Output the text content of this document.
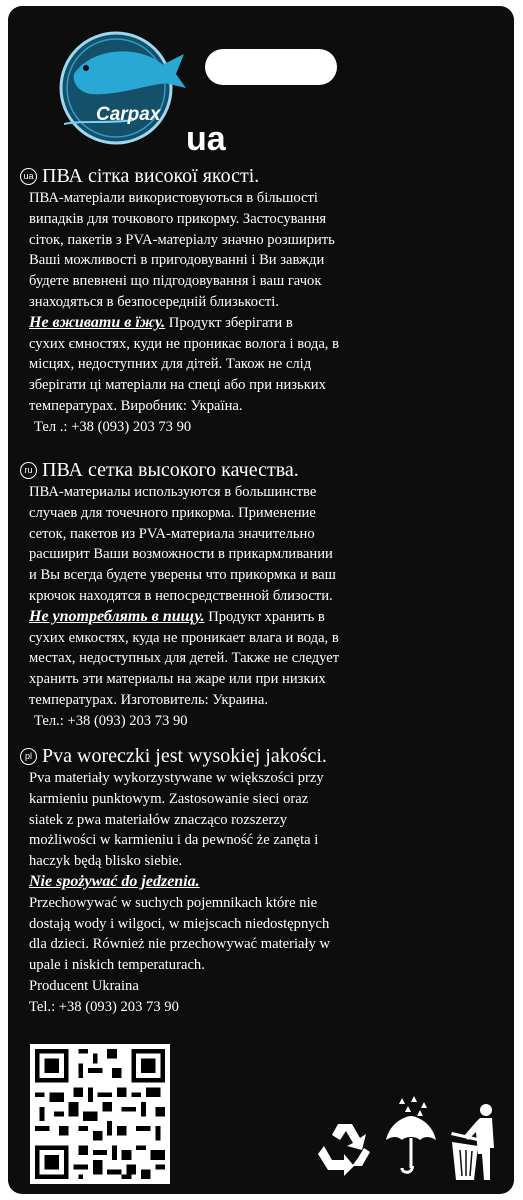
Carpax
ua
ua ПВА сітка високої якості.

ПВА-матеріали використовуються в більшості
випадків для точкового прикорму. Застосування
сіток, пакетів з PVA-матеріалу значно розширить
Ваші можливості в пригодовуванні і Ви завжди
будете впевнені що підгодовування і ваш гачок
знаходяться в безпосередній близькості.

Не вживати в їжу. Продукт зберігати в
сухих ємностях, куди не проникає волога і вода, в
місцях, недоступних для дітей. Також не слід
зберігати ці матеріали на спеці або при низьких
температурах. Виробник: Україна.
Тел .: +38 (093) 203 73 90
ru ПВА сетка высокого качества.

ПВА-материалы используются в большинстве
случаев для точечного прикорма. Применение
сеток, пакетов из PVA-материала значительно
расширит Ваши возможности в прикармливании
и Вы всегда будете уверены что прикормка и ваш
крючок находятся в непосредственной близости.

Не употреблять в пищу. Продукт хранить в
сухих емкостях, куда не проникает влага и вода, в
местах, недоступных для детей. Также не следует
хранить эти материалы на жаре или при низких
температурах. Изготовитель: Украина.
Тел.: +38 (093) 203 73 90
pl Pva woreczki jest wysokiej jakości.

Pva materiały wykorzystywane w większości przy
karmieniu punktowym. Zastosowanie sieci oraz
siatek z pwa materiałów znacząco rozszerzy
możliwości w karmieniu i da pewność że zanęta i
haczyk będą blisko siebie.

Nie spożywać do jedzenia.

Przechowywać w suchych pojemnikach które nie
dostają wody i wilgoci, w miejscach niedostępnych
dla dzieci. Również nie przechowywać materiały w
upale i niskich temperaturach.
Producent Ukraina

Tel.: +38 (093) 203 73 90
